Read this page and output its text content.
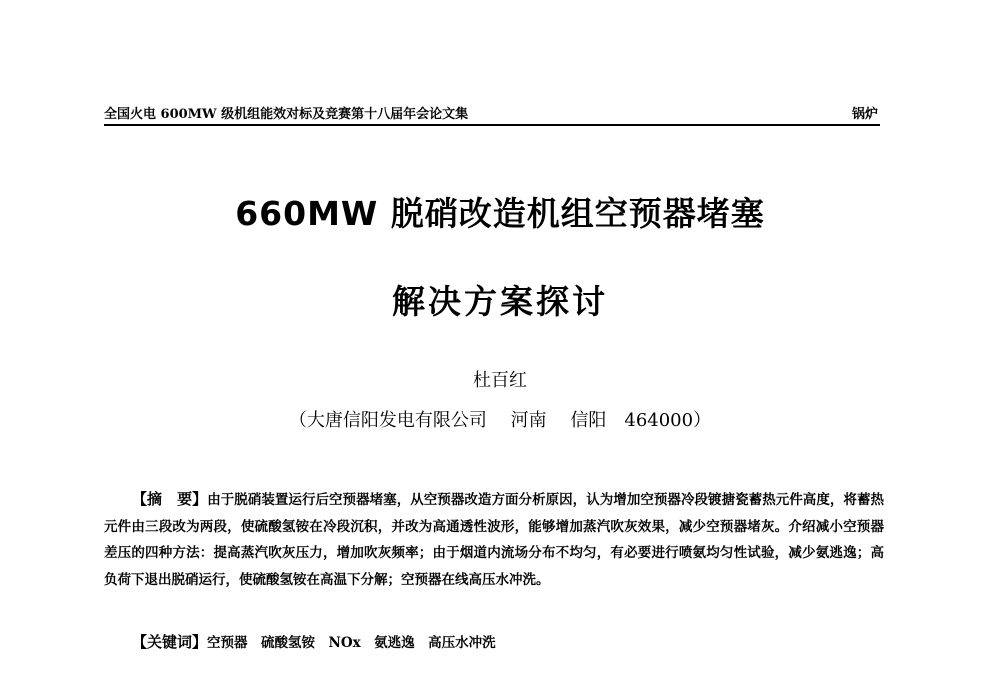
全国火电 600MW 级机组能效对标及竞赛第十八届年会论文集	锅炉
660MW 脱硝改造机组空预器堵塞
解决方案探讨
杜百红
（大唐信阳发电有限公司　 河南　 信阳　464000）

【摘　要】由于脱硝装置运行后空预器堵塞，从空预器改造方面分析原因，认为增加空预器冷段镀搪瓷蓄热元件高度，将蓄热元件由三段改为两段，使硫酸氢铵在冷段沉积，并改为高通透性波形，能够增加蒸汽吹灰效果，减少空预器堵灰。介绍减小空预器差压的四种方法：提高蒸汽吹灰压力，增加吹灰频率；由于烟道内流场分布不均匀，有必要进行喷氨均匀性试验，减少氨逃逸；高负荷下退出脱硝运行，使硫酸氢铵在高温下分解；空预器在线高压水冲洗。

【关键词】空预器　硫酸氢铵　NOx　氨逃逸　高压水冲洗
